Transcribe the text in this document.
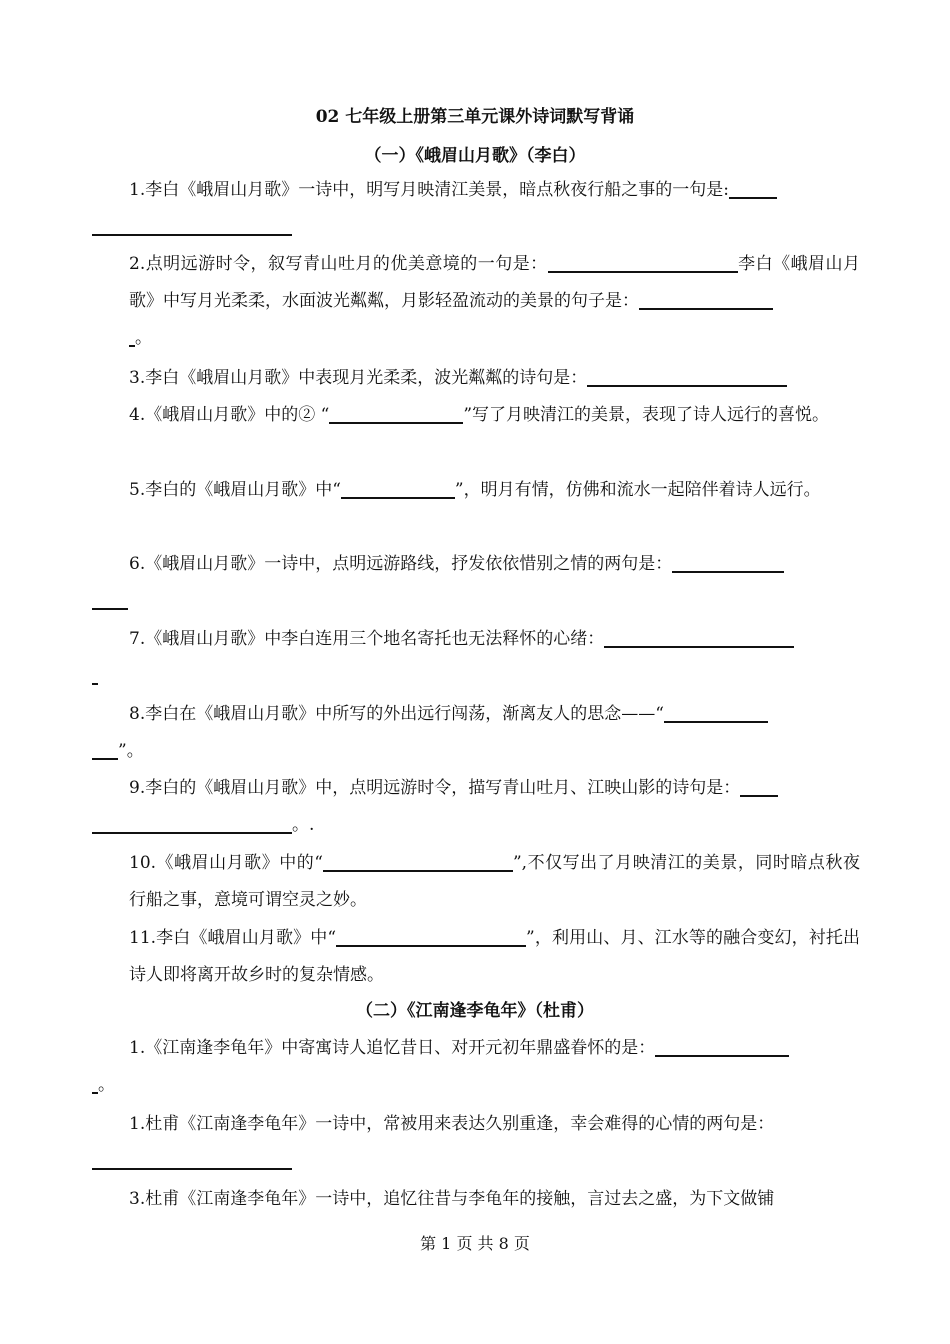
02 七年级上册第三单元课外诗词默写背诵
（一）《峨眉山月歌》（李白）
1.李白《峨眉山月歌》一诗中，明写月映清江美景，暗点秋夜行船之事的一句是:
2.点明远游时令，叙写青山吐月的优美意境的一句是：	李白《峨眉山月歌》中写月光柔柔，水面波光粼粼，月影轻盈流动的美景的句子是：
。
3.李白《峨眉山月歌》中表现月光柔柔，波光粼粼的诗句是：
4.《峨眉山月歌》中的② “	”写了月映清江的美景，表现了诗人远行的喜悦。
5.李白的《峨眉山月歌》中“	”，明月有情，仿佛和流水一起陪伴着诗人远行。
6.《峨眉山月歌》一诗中，点明远游路线，抒发依依惜别之情的两句是：
7.《峨眉山月歌》中李白连用三个地名寄托也无法释怀的心绪：
8.李白在《峨眉山月歌》中所写的外出远行闯荡，渐离友人的思念——“
”。
9.李白的《峨眉山月歌》中，点明远游时令，描写青山吐月、江映山影的诗句是：
。.
10.《峨眉山月歌》中的“	”,不仅写出了月映清江的美景，同时暗点秋夜行船之事，意境可谓空灵之妙。
11.李白《峨眉山月歌》中“	”，利用山、月、江水等的融合变幻，衬托出诗人即将离开故乡时的复杂情感。
（二）《江南逢李龟年》（杜甫）
1.《江南逢李龟年》中寄寓诗人追忆昔日、对开元初年鼎盛眷怀的是：
。
1.杜甫《江南逢李龟年》一诗中，常被用来表达久别重逢，幸会难得的心情的两句是：
3.杜甫《江南逢李龟年》一诗中，追忆往昔与李龟年的接触，言过去之盛，为下文做铺
第 1 页 共 8 页
